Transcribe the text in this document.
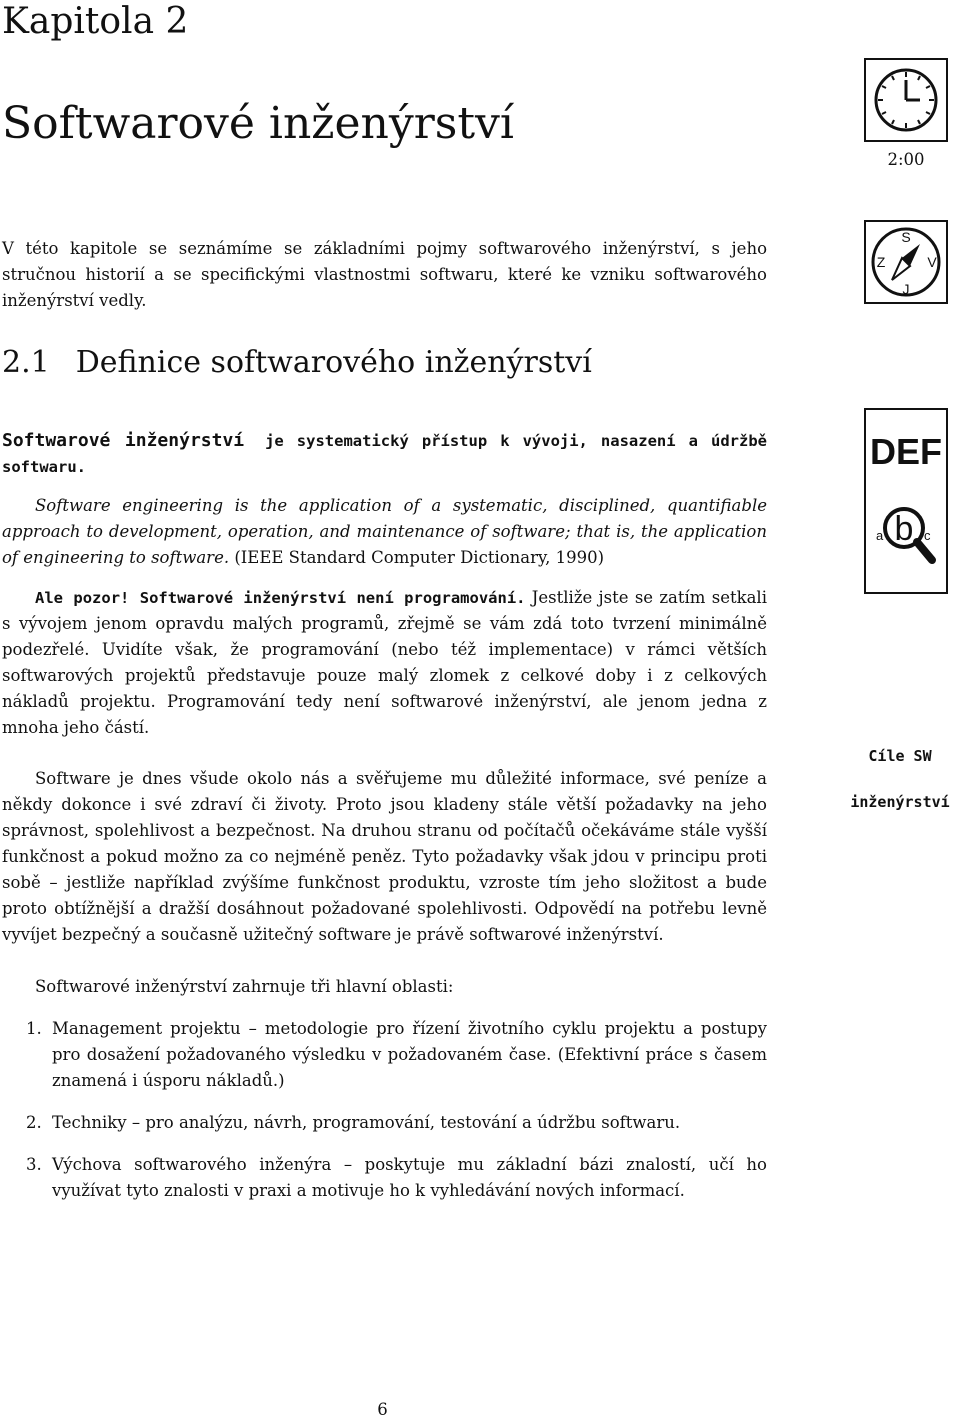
Kapitola 2
Softwarové inženýrství
2:00
V této kapitole se seznámíme se základními pojmy softwarového inženýrství, s jeho stručnou historií a se specifickými vlastnostmi softwaru, které ke vzniku softwarového inženýrství vedly.
S
Z	V
J
2.1 Definice softwarového inženýrství
Softwarové inženýrství je systematický přístup k vývoji, nasazení a údržbě softwaru.	DEF
a b c
Software engineering is the application of a systematic, disciplined, quantifiable approach to development, operation, and maintenance of software; that is, the application of engineering to software. (IEEE Standard Computer Dictionary, 1990)
Ale pozor! Softwarové inženýrství není programování. Jestliže jste se zatím setkali s vývojem jenom opravdu malých programů, zřejmě se vám zdá toto tvrzení minimálně podezřelé. Uvidíte však, že programování (nebo též implementace) v rámci větších softwarových projektů představuje pouze malý zlomek z celkové doby i z celkových nákladů projektu. Programování tedy není softwarové inženýrství, ale jenom jedna z mnoha jeho částí.
Software je dnes všude okolo nás a svěřujeme mu důležité informace, své peníze a někdy dokonce i své zdraví či životy. Proto jsou kladeny stále větší požadavky na jeho správnost, spolehlivost a bezpečnost. Na druhou stranu od počítačů očekáváme stále vyšší funkčnost a pokud možno za co nejméně peněz. Tyto požadavky však jdou v principu proti sobě – jestliže například zvýšíme funkčnost produktu, vzroste tím jeho složitost a bude proto obtížnější a dražší dosáhnout požadované spolehlivosti. Odpovědí na potřebu levně vyvíjet bezpečný a současně užitečný software je právě softwarové inženýrství.
Cíle SW
inženýrství
Softwarové inženýrství zahrnuje tři hlavní oblasti:
1. Management projektu – metodologie pro řízení životního cyklu projektu a postupy pro dosažení požadovaného výsledku v požadovaném čase. (Efektivní práce s časem znamená i úsporu nákladů.)
2. Techniky – pro analýzu, návrh, programování, testování a údržbu softwaru.
3. Výchova softwarového inženýra – poskytuje mu základní bázi znalostí, učí ho využívat tyto znalosti v praxi a motivuje ho k vyhledávání nových informací.
6
